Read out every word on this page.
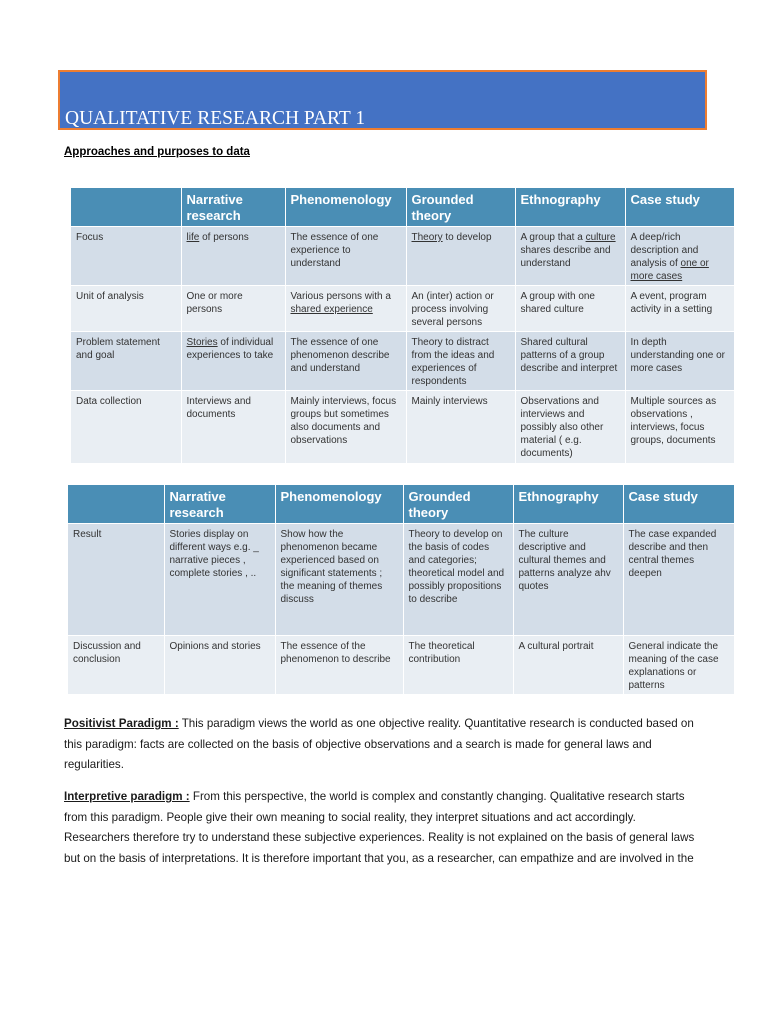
QUALITATIVE RESEARCH PART 1
Approaches and purposes to data
	Narrative research	Phenomenology	Grounded theory	Ethnography	Case study
Focus	life of persons	The essence of one experience to understand	Theory to develop	A group that a culture shares describe and understand	A deep/rich description and analysis of one or more cases
Unit of analysis	One or more persons	Various persons with a shared experience	An (inter) action or process involving several persons	A group with one shared culture	A event, program activity in a setting
Problem statement and goal	Stories of individual experiences to take	The essence of one phenomenon describe and understand	Theory to distract from the ideas and experiences of respondents	Shared cultural patterns of a group describe and interpret	In depth understanding one or more cases
Data collection	Interviews and documents	Mainly interviews, focus groups but sometimes also documents and observations	Mainly interviews	Observations and interviews and possibly also other material ( e.g. documents)	Multiple sources as observations , interviews, focus groups, documents
	Narrative research	Phenomenology	Grounded theory	Ethnography	Case study
Result	Stories display on different ways e.g. _ narrative pieces , complete stories , ..	Show how the phenomenon became experienced based on significant statements ; the meaning of themes discuss	Theory to develop on the basis of codes and categories; theoretical model and possibly propositions to describe	The culture descriptive and cultural themes and patterns analyze ahv quotes	The case expanded describe and then central themes deepen
Discussion and conclusion	Opinions and stories	The essence of the phenomenon to describe	The theoretical contribution	A cultural portrait	General indicate the meaning of the case explanations or patterns
Positivist Paradigm : This paradigm views the world as one objective reality. Quantitative research is conducted based on this paradigm: facts are collected on the basis of objective observations and a search is made for general laws and regularities.
Interpretive paradigm : From this perspective, the world is complex and constantly changing. Qualitative research starts from this paradigm. People give their own meaning to social reality, they interpret situations and act accordingly. Researchers therefore try to understand these subjective experiences. Reality is not explained on the basis of general laws but on the basis of interpretations. It is therefore important that you, as a researcher, can empathize and are involved in the
